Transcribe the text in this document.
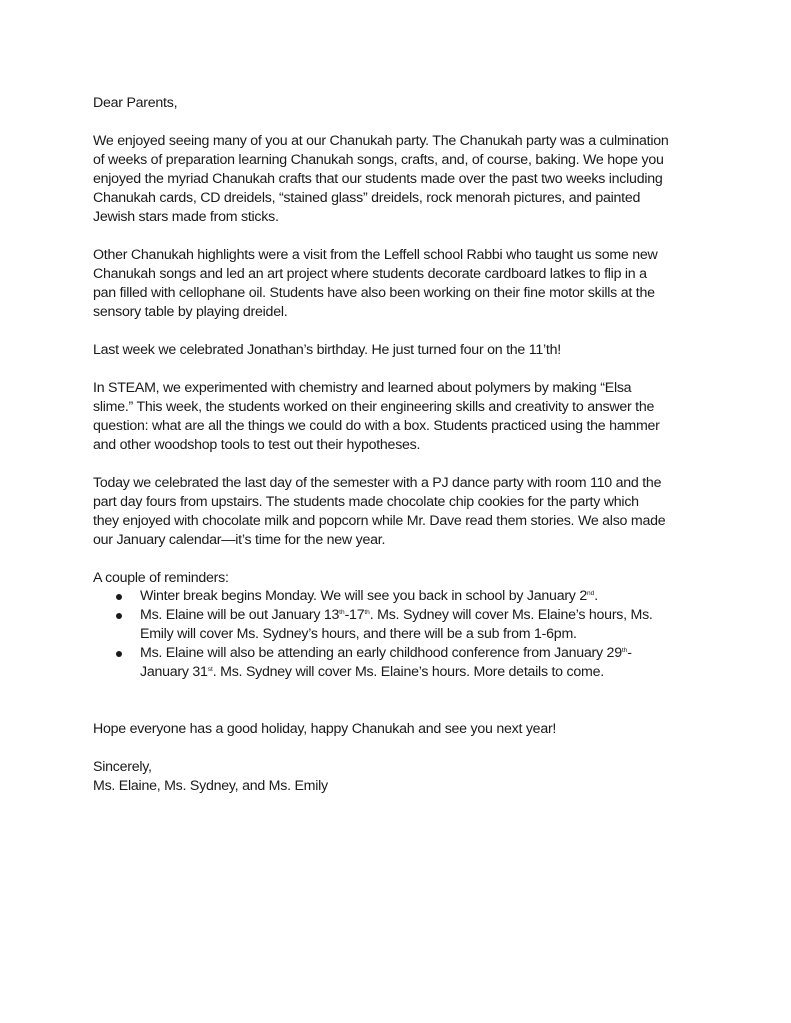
Dear Parents,
We enjoyed seeing many of you at our Chanukah party. The Chanukah party was a culmination
of weeks of preparation learning Chanukah songs, crafts, and, of course, baking. We hope you
enjoyed the myriad Chanukah crafts that our students made over the past two weeks including
Chanukah cards, CD dreidels, “stained glass” dreidels, rock menorah pictures, and painted
Jewish stars made from sticks.
Other Chanukah highlights were a visit from the Leffell school Rabbi who taught us some new
Chanukah songs and led an art project where students decorate cardboard latkes to flip in a
pan filled with cellophane oil. Students have also been working on their fine motor skills at the
sensory table by playing dreidel.
Last week we celebrated Jonathan’s birthday. He just turned four on the 11’th!
In STEAM, we experimented with chemistry and learned about polymers by making “Elsa
slime.” This week, the students worked on their engineering skills and creativity to answer the
question: what are all the things we could do with a box. Students practiced using the hammer
and other woodshop tools to test out their hypotheses.
Today we celebrated the last day of the semester with a PJ dance party with room 110 and the
part day fours from upstairs. The students made chocolate chip cookies for the party which
they enjoyed with chocolate milk and popcorn while Mr. Dave read them stories. We also made
our January calendar—it’s time for the new year.
A couple of reminders:
Winter break begins Monday. We will see you back in school by January 2nd.
Ms. Elaine will be out January 13th-17th. Ms. Sydney will cover Ms. Elaine’s hours, Ms.
Emily will cover Ms. Sydney’s hours, and there will be a sub from 1-6pm.
Ms. Elaine will also be attending an early childhood conference from January 29th-
January 31st. Ms. Sydney will cover Ms. Elaine’s hours. More details to come.
Hope everyone has a good holiday, happy Chanukah and see you next year!
Sincerely,
Ms. Elaine, Ms. Sydney, and Ms. Emily
